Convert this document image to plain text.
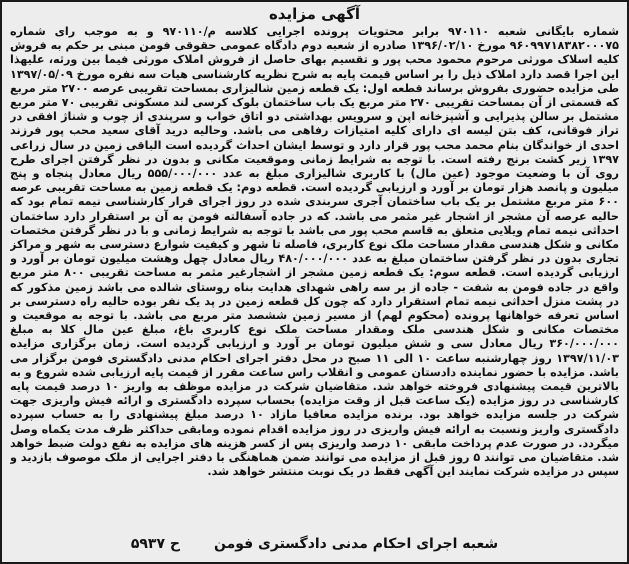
آگهی مزایده
شماره بایگانی شعبه ۹۷۰۱۱۰ برابر محتویات پرونده اجرایی کلاسه م/۹۷۰۱۱۰ و به موجب رای شماره ۹۶۰۹۹۷۱۸۳۸۲۰۰۰۷۵ مورخ ۱۳۹۶/۰۲/۱۰ صادره از شعبه دوم دادگاه عمومی حقوقی فومن مبنی بر حکم به فروش کلیه اسلاک مورثی مرحوم محمود محب پور و تقسیم بهای حاصل از فروش املاک مورثی فیما بین ورثه، علیهذا این اجرا قصد دارد املاک ذیل را بر اساس قیمت پایه به شرح نظریه کارشناسی هیات سه نفره مورخ ۱۳۹۷/۰۵/۰۹ طی مزایده حضوری بفروش برساند قطعه اول: یک قطعه زمین شالیزاری بمساحت تقریبی عرصه ۲۷۰۰ متر مربع که قسمتی از آن بمساحت تقریبی ۲۷۰ متر مربع یک باب ساختمان بلوک کرسی لند مسکونی تقریبی ۷۰ متر مربع مشتمل بر سالن پذیرایی و آشپزخانه اپن و سرویس بهداشتی دو اتاق خواب و سرپندی از چوب و شناژ افقی در تراز فوقانی، کف بتن لیسه ای دارای کلیه امتیازات رفاهی می باشد. وحالیه درید آقای سعید محب پور فرزند احدی از خواندگان بنام محمد محب پور قرار دارد و توسط ایشان احداث گردیده است الباقی زمین در سال زراعی ۱۳۹۷ زیر کشت برنج رفته است. با توجه به شرایط زمانی وموقعیت مکانی و بدون در نظر گرفتن اجرای طرح روی آن با وضعیت موجود (عین مال) با کاربری شالیزاری مبلغ به عدد ۵۵۵/۰۰۰/۰۰۰ ریال معادل پنجاه و پنج میلیون و پانصد هزار تومان بر آورد و ارزیابی گردیده است. قطعه دوم: یک قطعه زمین به مساحت تقریبی عرصه ۶۰۰ متر مربع مشتمل بر یک باب ساختمان آجری سربندی شده در روز اجرای قرار کارشناسی نیمه تمام بود که حالیه عرصه آن مشجر از اشجار غیر مثمر می باشد. که در جاده آسفالته فومن به آن بر استقرار دارد ساختمان احداثی نیمه تمام ویلایی متعلق به قاسم محب پور می باشد با توجه به شرایط زمانی و با در نظر گرفتن مختصات مکانی و شکل هندسی مقدار مساحت ملک نوع کاربری، فاصله تا شهر و کیفیت شوارع دسترسی به شهر و مراکز تجاری بدون در نظر گرفتن ساختمان مبلغ به عدد ۴۸۰/۰۰۰/۰۰۰ ریال معادل چهل وهشت میلیون تومان بر آورد و ارزیابی گردیده است. قطعه سوم: یک قطعه زمین مشجر از اشجارغیر مثمر به مساحت تقریبی ۸۰۰ متر مربع واقع در جاده فومن به شفت - جاده از بر سه راهی شهدای هدایت بناه روستای شالده می باشد زمین مذکور که در پشت منزل احداثی نیمه تمام استقرار دارد که چون کل قطعه زمین در پد یک نفر بوده حالیه راه دسترسی بر اساس تعرفه خواهانها پرونده (محکوم لهم) از مسیر زمین ششصد متر مربع می باشد. با توجه به موقعیت و مختصات مکانی و شکل هندسی ملک ومقدار مساحت ملک نوع کاربری باغ، مبلغ عین مال کلا به مبلغ ۳۶۰/۰۰۰/۰۰۰ ریال معادل سی و شش میلیون تومان بر آورد و ارزیابی گردیده است. زمان برگزاری مزایده ۱۳۹۷/۱۱/۰۳ روز چهارشنبه ساعت ۱۰ الی ۱۱ صبح در محل دفتر اجرای احکام مدنی دادگستری فومن برگزار می باشد. مزایده با حضور نماینده دادستان عمومی و انقلاب راس ساعت مقرر از قیمت پایه ارزیابی شده شروع و به بالاترین قیمت پیشنهادی فروخته خواهد شد. متقاضیان شرکت در مزایده موظف به واریز ۱۰ درصد قیمت پایه کارشناسی در روز مزایده (یک ساعت قبل از وقت مزایده) بحساب سپرده دادگستری و ارائه فیش واریزی جهت شرکت در جلسه مزایده خواهد بود. برنده مزایده معافیا مازاد ۱۰ درصد مبلغ پیشنهادی را به حساب سپرده دادگستری واریز ونسبت به ارائه فیش واریزی در روز مزایده اقدام نموده ومابقی حداکثر ظرف مدت یکماه وصل میگردد. در صورت عدم پرداخت مابقی ۱۰ درصد واریزی پس از کسر هزینه های مزایده به نفع دولت ضبط خواهد شد. متقاضیان می توانند ۵ روز قبل از مزایده می توانند ضمن هماهنگی با دفتر اجرایی از ملک موصوف بازدید و سپس در مزایده شرکت نمایند این آگهی فقط در یک نوبت منتشر خواهد شد.
شعبه اجرای احکام مدنی دادگستری فومن
ح ۵۹۳۷
